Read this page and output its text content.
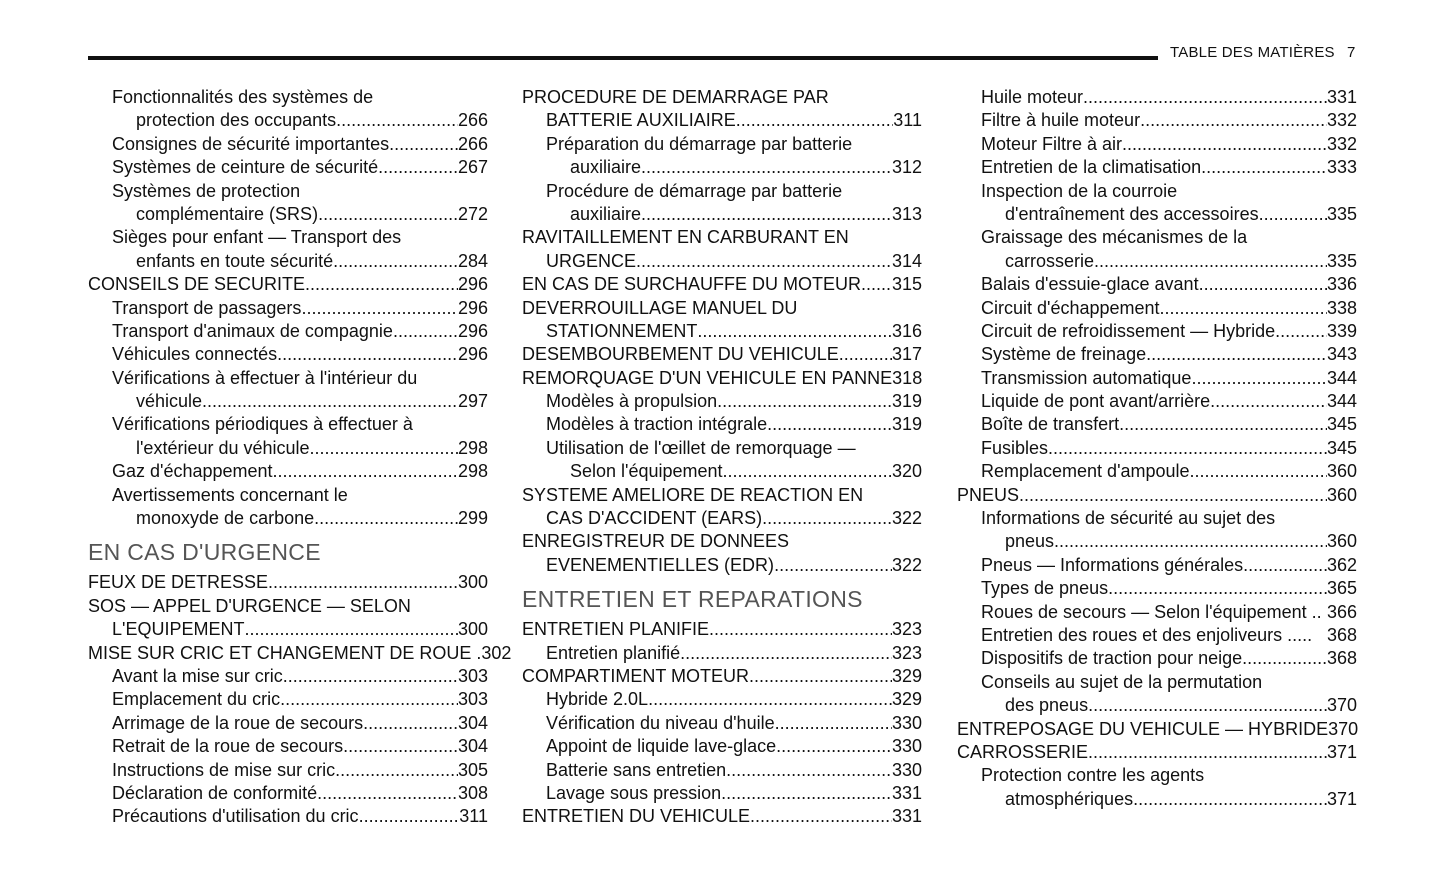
TABLE DES MATIÈRES 7
Fonctionnalités des systèmes de
protection des occupants .....	266
Consignes de sécurité importantes .....	266
Systèmes de ceinture de sécurité .....	267
Systèmes de protection
complémentaire (SRS) .....	272
Sièges pour enfant — Transport des
enfants en toute sécurité .....	284
CONSEILS DE SECURITE .....	296
Transport de passagers .....	296
Transport d'animaux de compagnie .....	296
Véhicules connectés .....	296
Vérifications à effectuer à l'intérieur du
véhicule .....	297
Vérifications périodiques à effectuer à
l'extérieur du véhicule .....	298
Gaz d'échappement .....	298
Avertissements concernant le
monoxyde de carbone .....	299
EN CAS D'URGENCE
FEUX DE DETRESSE .....	300
SOS — APPEL D'URGENCE — SELON
L'EQUIPEMENT .....	300
MISE SUR CRIC ET CHANGEMENT DE ROUE . 302
Avant la mise sur cric .....	303
Emplacement du cric .....	303
Arrimage de la roue de secours .....	304
Retrait de la roue de secours .....	304
Instructions de mise sur cric .....	305
Déclaration de conformité .....	308
Précautions d'utilisation du cric .....	311
PROCEDURE DE DEMARRAGE PAR
BATTERIE AUXILIAIRE .....	311
Préparation du démarrage par batterie
auxiliaire .....	312
Procédure de démarrage par batterie
auxiliaire .....	313
RAVITAILLEMENT EN CARBURANT EN
URGENCE .....	314
EN CAS DE SURCHAUFFE DU MOTEUR ..... 315
DEVERROUILLAGE MANUEL DU
STATIONNEMENT .....	316
DESEMBOURBEMENT DU VEHICULE .....	317
REMORQUAGE D'UN VEHICULE EN PANNE 318
Modèles à propulsion .....	319
Modèles à traction intégrale .....	319
Utilisation de l'œillet de remorquage —
Selon l'équipement .....	320
SYSTEME AMELIORE DE REACTION EN
CAS D'ACCIDENT (EARS) .....	322
ENREGISTREUR DE DONNEES
EVENEMENTIELLES (EDR) .....	322
ENTRETIEN ET REPARATIONS
ENTRETIEN PLANIFIE .....	323
Entretien planifié .....	323
COMPARTIMENT MOTEUR .....	329
Hybride 2.0L .....	329
Vérification du niveau d'huile .....	330
Appoint de liquide lave-glace .....	330
Batterie sans entretien .....	330
Lavage sous pression .....	331
ENTRETIEN DU VEHICULE .....	331
Huile moteur .....	331
Filtre à huile moteur .....	332
Moteur Filtre à air .....	332
Entretien de la climatisation .....	333
Inspection de la courroie
d'entraînement des accessoires .....	335
Graissage des mécanismes de la
carrosserie .....	335
Balais d'essuie-glace avant .....	336
Circuit d'échappement .....	338
Circuit de refroidissement — Hybride .....	339
Système de freinage .....	343
Transmission automatique .....	344
Liquide de pont avant/arrière .....	344
Boîte de transfert .....	345
Fusibles .....	345
Remplacement d'ampoule .....	360
PNEUS .....	360
Informations de sécurité au sujet des
pneus .....	360
Pneus — Informations générales .....	362
Types de pneus .....	365
Roues de secours — Selon l'équipement .. 366
Entretien des roues et des enjoliveurs ..... 368
Dispositifs de traction pour neige .....	368
Conseils au sujet de la permutation
des pneus .....	370
ENTREPOSAGE DU VEHICULE — HYBRIDE 370
CARROSSERIE .....	371
Protection contre les agents
atmosphériques .....	371
